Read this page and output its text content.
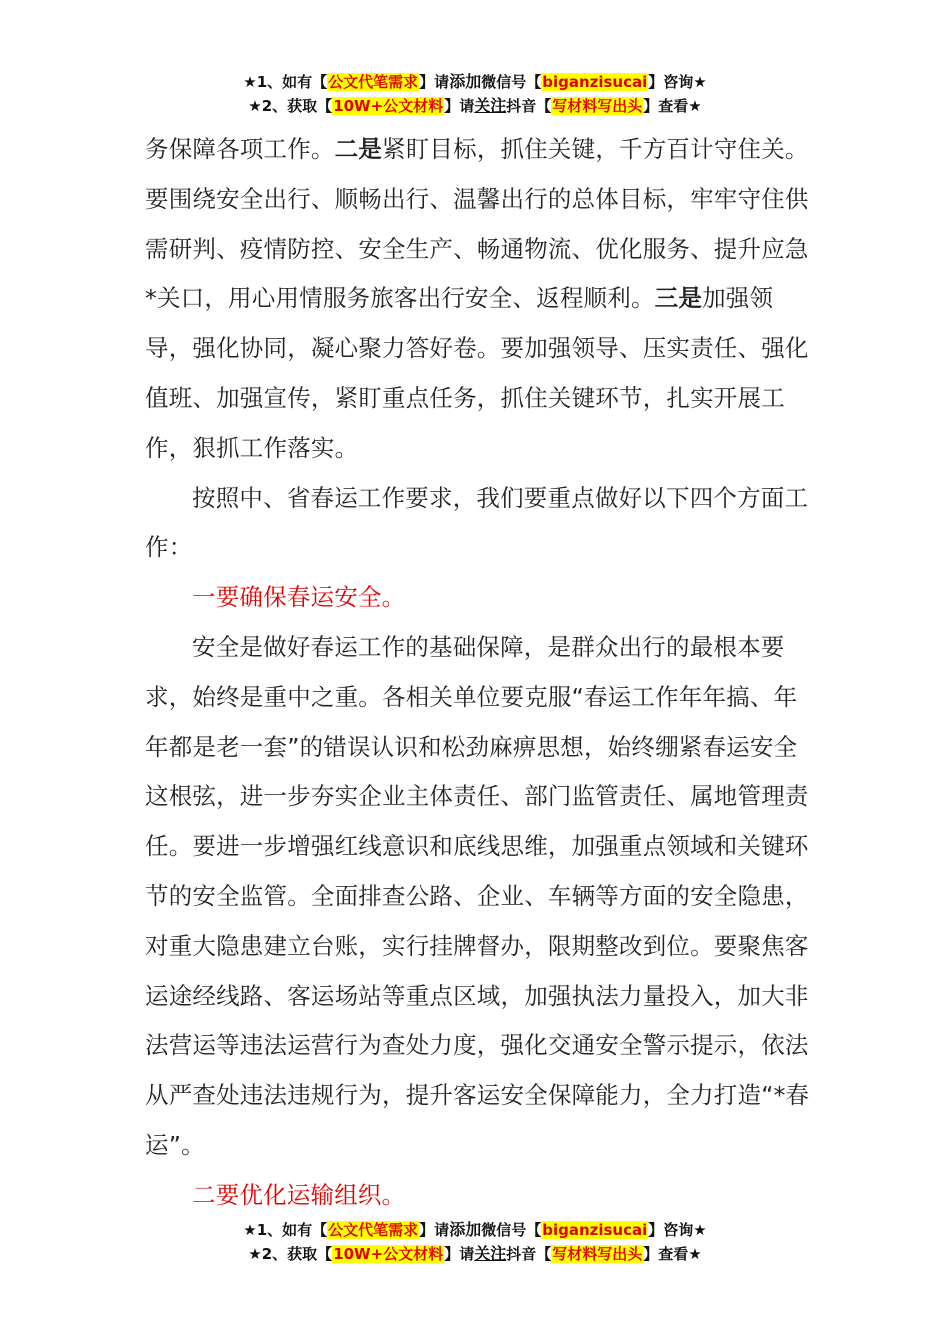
★1、如有【公文代笔需求】请添加微信号【biganzisucai】咨询★
★2、获取【10W+公文材料】请关注抖音【写材料写出头】查看★

务保障各项工作。二是紧盯目标，抓住关键，千方百计守住关。要围绕安全出行、顺畅出行、温馨出行的总体目标，牢牢守住供需研判、疫情防控、安全生产、畅通物流、优化服务、提升应急*关口，用心用情服务旅客出行安全、返程顺利。三是加强领导，强化协同，凝心聚力答好卷。要加强领导、压实责任、强化值班、加强宣传，紧盯重点任务，抓住关键环节，扎实开展工作，狠抓工作落实。

按照中、省春运工作要求，我们要重点做好以下四个方面工作：

一要确保春运安全。

安全是做好春运工作的基础保障，是群众出行的最根本要求，始终是重中之重。各相关单位要克服“春运工作年年搞、年年都是老一套”的错误认识和松劲麻痹思想，始终绷紧春运安全这根弦，进一步夯实企业主体责任、部门监管责任、属地管理责任。要进一步增强红线意识和底线思维，加强重点领域和关键环节的安全监管。全面排查公路、企业、车辆等方面的安全隐患，对重大隐患建立台账，实行挂牌督办，限期整改到位。要聚焦客运途经线路、客运场站等重点区域，加强执法力量投入，加大非法营运等违法运营行为查处力度，强化交通安全警示提示，依法从严查处违法违规行为，提升客运安全保障能力，全力打造“*春运”。

二要优化运输组织。

★1、如有【公文代笔需求】请添加微信号【biganzisucai】咨询★
★2、获取【10W+公文材料】请关注抖音【写材料写出头】查看★
